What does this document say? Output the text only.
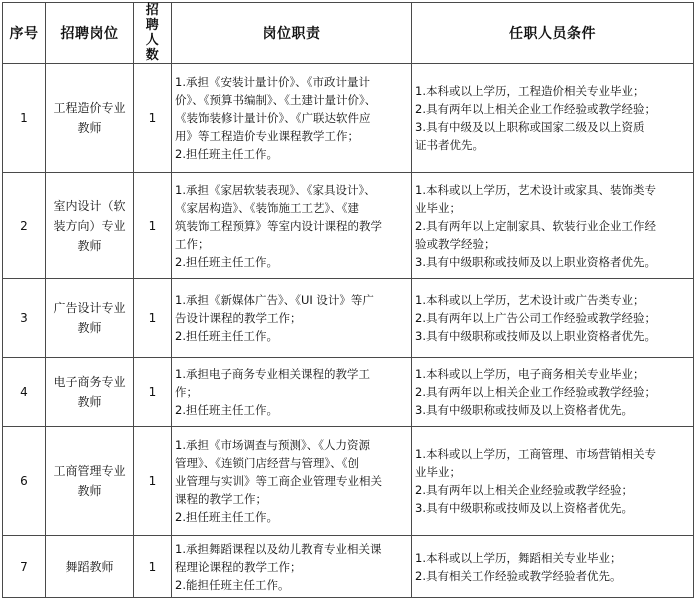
序号	招聘岗位	招聘人数	岗位职责	任职人员条件
1	工程造价专业教师	1	1.承担《安装计量计价》、《市政计量计
价》、《预算书编制》、《土建计量计价》、
《装饰装修计量计价》、《广联达软件应
用》等工程造价专业课程教学工作；
2.担任班主任工作。	1.本科或以上学历，工程造价相关专业毕业；
2.具有两年以上相关企业工作经验或教学经验；
3.具有中级及以上职称或国家二级及以上资质
证书者优先。

2	室内设计（软装方向）专业教师	1	1.承担《家居软装表现》、《家具设计》、
《家居构造》、《装饰施工工艺》、《建
筑装饰工程预算》等室内设计课程的教学
工作；
2.担任班主任工作。	1.本科或以上学历，艺术设计或家具、装饰类专
业毕业；
2.具有两年以上定制家具、软装行业企业工作经
验或教学经验；
3.具有中级职称或技师及以上职业资格者优先。

3	广告设计专业教师	1	1.承担《新媒体广告》、《UI 设计》等广
告设计课程的教学工作；
2.担任班主任工作。	1.本科或以上学历，艺术设计或广告类专业；
2.具有两年以上广告公司工作经验或教学经验；
3.具有中级职称或技师及以上职业资格者优先。

4	电子商务专业教师	1	1.承担电子商务专业相关课程的教学工
作；
2.担任班主任工作。	1.本科或以上学历，电子商务相关专业毕业；
2.具有两年以上相关企业工作经验或教学经验；
3.具有中级职称或技师及以上资格者优先。

6	工商管理专业教师	1	1.承担《市场调查与预测》、《人力资源
管理》、《连锁门店经营与管理》、《创
业管理与实训》等工商企业管理专业相关
课程的教学工作；
2.担任班主任工作。	1.本科或以上学历，工商管理、市场营销相关专
业毕业；
2.具有两年以上相关企业经验或教学经验；
3.具有中级职称或技师及以上资格者优先。

7	舞蹈教师	1	1.承担舞蹈课程以及幼儿教育专业相关课
程理论课程的教学工作；
2.能担任班主任工作。	1.本科或以上学历，舞蹈相关专业毕业；
2.具有相关工作经验或教学经验者优先。
